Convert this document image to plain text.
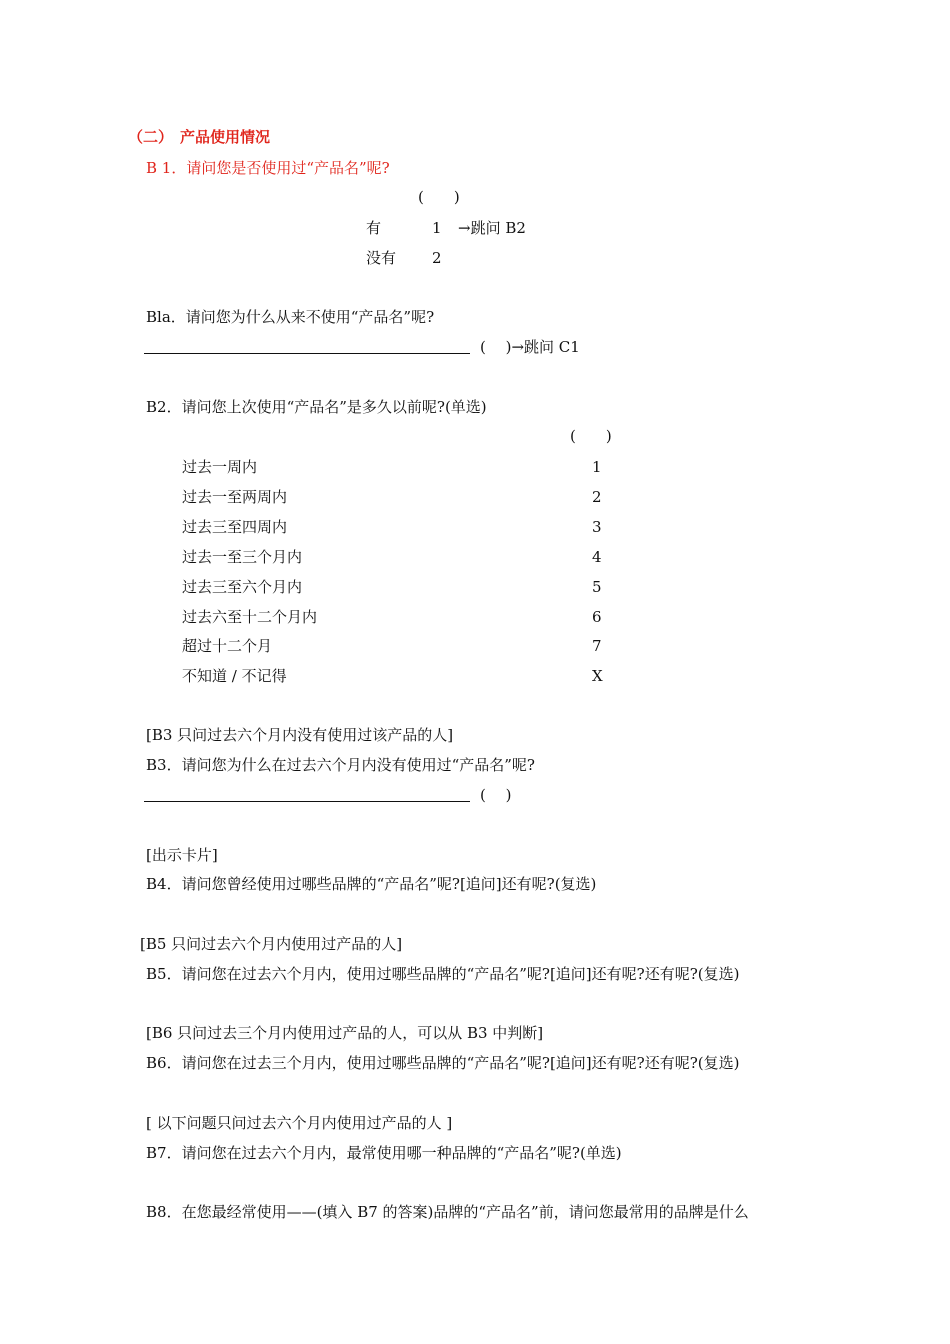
（二） 产品使用情况
B 1．请问您是否使用过“产品名”呢?
(　　)
有	1 →跳问 B2
没有 2
Bla．请问您为什么从来不使用“产品名”呢?
(　 )→跳问 C1
B2．请问您上次使用“产品名”是多久以前呢?(单选)
(　　)
过去一周内	1
过去一至两周内	2
过去三至四周内	3
过去一至三个月内	4
过去三至六个月内	5
过去六至十二个月内	6
超过十二个月	7
不知道 / 不记得	X
[B3 只问过去六个月内没有使用过该产品的人]
B3．请问您为什么在过去六个月内没有使用过“产品名”呢?
(　 )
[出示卡片]
B4．请问您曾经使用过哪些品牌的“产品名”呢?[追问]还有呢?(复选)
[B5 只问过去六个月内使用过产品的人]
B5．请问您在过去六个月内，使用过哪些品牌的“产品名”呢?[追问]还有呢?还有呢?(复选)
[B6 只问过去三个月内使用过产品的人，可以从 B3 中判断]
B6．请问您在过去三个月内，使用过哪些品牌的“产品名”呢?[追问]还有呢?还有呢?(复选)
[ 以下问题只问过去六个月内使用过产品的人 ]
B7．请问您在过去六个月内，最常使用哪一种品牌的“产品名”呢?(单选)
B8．在您最经常使用——(填入 B7 的答案)品牌的“产品名”前，请问您最常用的品牌是什么
